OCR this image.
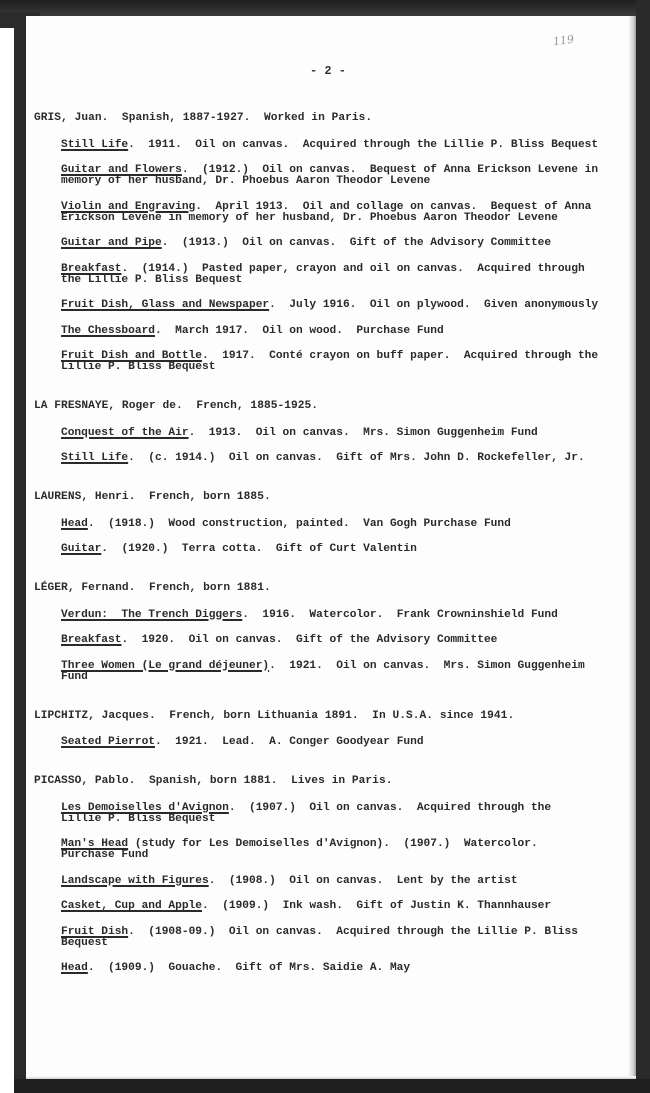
119
- 2 -
GRIS, Juan.  Spanish, 1887-1927.  Worked in Paris.
Still Life.  1911.  Oil on canvas.  Acquired through the Lillie P. Bliss Bequest
Guitar and Flowers.  (1912.)  Oil on canvas.  Bequest of Anna Erickson Levene in
memory of her husband, Dr. Phoebus Aaron Theodor Levene
Violin and Engraving.  April 1913.  Oil and collage on canvas.  Bequest of Anna
Erickson Levene in memory of her husband, Dr. Phoebus Aaron Theodor Levene
Guitar and Pipe.  (1913.)  Oil on canvas.  Gift of the Advisory Committee
Breakfast.  (1914.)  Pasted paper, crayon and oil on canvas.  Acquired through
the Lillie P. Bliss Bequest
Fruit Dish, Glass and Newspaper.  July 1916.  Oil on plywood.  Given anonymously
The Chessboard.  March 1917.  Oil on wood.  Purchase Fund
Fruit Dish and Bottle.  1917.  Conté crayon on buff paper.  Acquired through the
Lillie P. Bliss Bequest
LA FRESNAYE, Roger de.  French, 1885-1925.
Conquest of the Air.  1913.  Oil on canvas.  Mrs. Simon Guggenheim Fund
Still Life.  (c. 1914.)  Oil on canvas.  Gift of Mrs. John D. Rockefeller, Jr.
LAURENS, Henri.  French, born 1885.
Head.  (1918.)  Wood construction, painted.  Van Gogh Purchase Fund
Guitar.  (1920.)  Terra cotta.  Gift of Curt Valentin
LÉGER, Fernand.  French, born 1881.
Verdun:  The Trench Diggers.  1916.  Watercolor.  Frank Crowninshield Fund
Breakfast.  1920.  Oil on canvas.  Gift of the Advisory Committee
Three Women (Le grand déjeuner).  1921.  Oil on canvas.  Mrs. Simon Guggenheim
Fund
LIPCHITZ, Jacques.  French, born Lithuania 1891.  In U.S.A. since 1941.
Seated Pierrot.  1921.  Lead.  A. Conger Goodyear Fund
PICASSO, Pablo.  Spanish, born 1881.  Lives in Paris.
Les Demoiselles d'Avignon.  (1907.)  Oil on canvas.  Acquired through the
Lillie P. Bliss Bequest
Man's Head (study for Les Demoiselles d'Avignon).  (1907.)  Watercolor.
Purchase Fund
Landscape with Figures.  (1908.)  Oil on canvas.  Lent by the artist
Casket, Cup and Apple.  (1909.)  Ink wash.  Gift of Justin K. Thannhauser
Fruit Dish.  (1908-09.)  Oil on canvas.  Acquired through the Lillie P. Bliss
Bequest
Head.  (1909.)  Gouache.  Gift of Mrs. Saidie A. May
